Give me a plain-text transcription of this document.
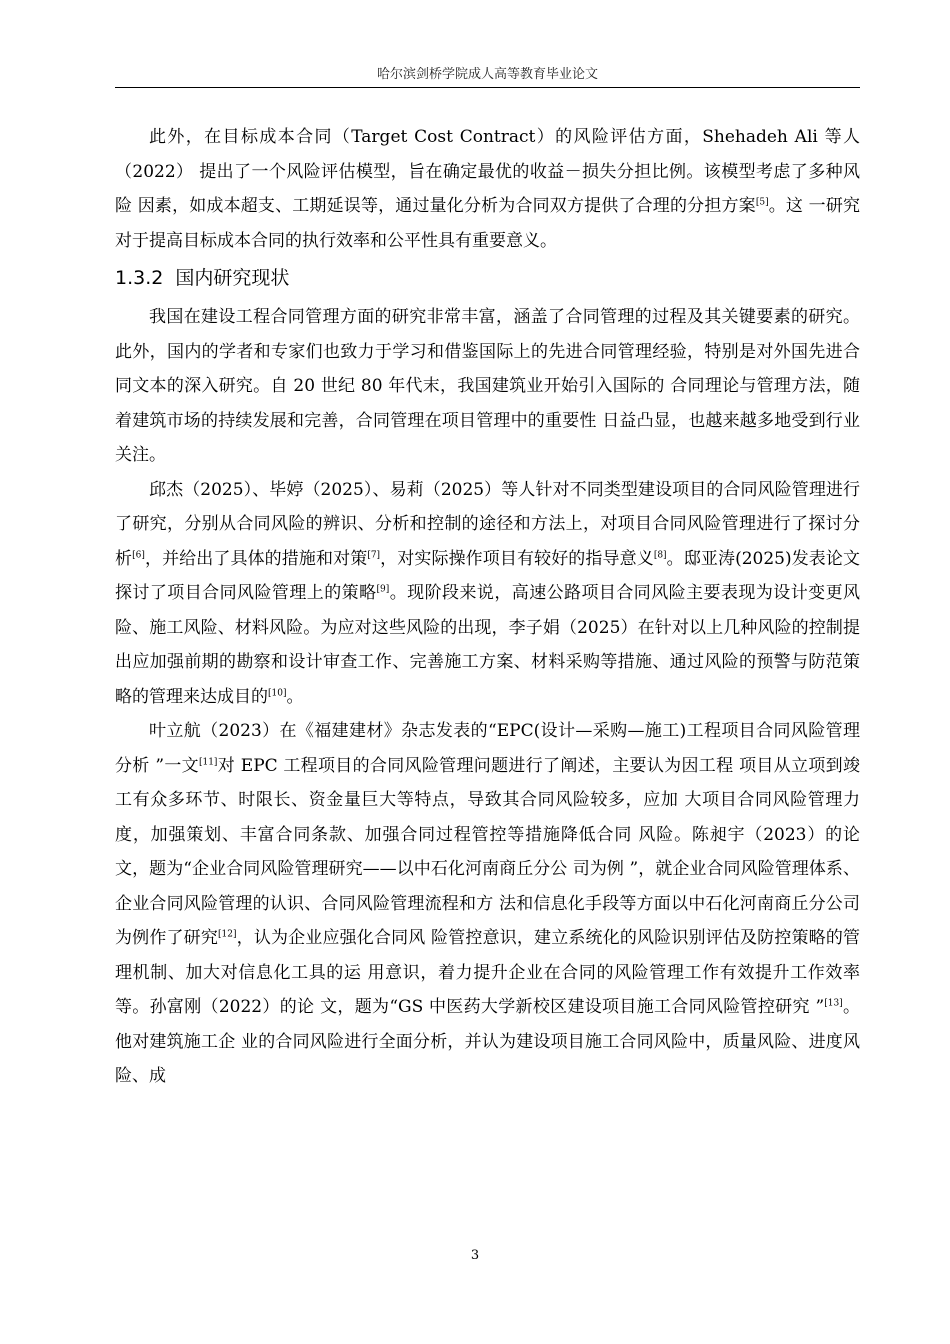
哈尔滨剑桥学院成人高等教育毕业论文

此外，在目标成本合同（Target Cost Contract）的风险评估方面，Shehadeh Ali 等人（2022） 提出了一个风险评估模型，旨在确定最优的收益－损失分担比例。该模型考虑了多种风险 因素，如成本超支、工期延误等，通过量化分析为合同双方提供了合理的分担方案[5]。这 一研究对于提高目标成本合同的执行效率和公平性具有重要意义。

1.3.2 国内研究现状

我国在建设工程合同管理方面的研究非常丰富，涵盖了合同管理的过程及其关键要素的研究。此外，国内的学者和专家们也致力于学习和借鉴国际上的先进合同管理经验，特别是对外国先进合同文本的深入研究。自 20 世纪 80 年代末，我国建筑业开始引入国际的 合同理论与管理方法，随着建筑市场的持续发展和完善，合同管理在项目管理中的重要性 日益凸显，也越来越多地受到行业关注。

邱杰（2025）、毕婷（2025）、易莉（2025）等人针对不同类型建设项目的合同风险管理进行了研究，分别从合同风险的辨识、分析和控制的途径和方法上，对项目合同风险管理进行了探讨分析[6]，并给出了具体的措施和对策[7]，对实际操作项目有较好的指导意义[8]。邸亚涛(2025)发表论文探讨了项目合同风险管理上的策略[9]。现阶段来说，高速公路项目合同风险主要表现为设计变更风险、施工风险、材料风险。为应对这些风险的出现，李子娟（2025）在针对以上几种风险的控制提出应加强前期的勘察和设计审查工作、完善施工方案、材料采购等措施、通过风险的预警与防范策略的管理来达成目的[10]。

叶立航（2023）在《福建建材》杂志发表的“EPC(设计—采购—施工)工程项目合同风险管理分析 ”一文[11]对 EPC 工程项目的合同风险管理问题进行了阐述，主要认为因工程 项目从立项到竣工有众多环节、时限长、资金量巨大等特点，导致其合同风险较多，应加 大项目合同风险管理力度，加强策划、丰富合同条款、加强合同过程管控等措施降低合同 风险。陈昶宇（2023）的论文，题为“企业合同风险管理研究——以中石化河南商丘分公 司为例 ”，就企业合同风险管理体系、企业合同风险管理的认识、合同风险管理流程和方 法和信息化手段等方面以中石化河南商丘分公司为例作了研究[12]，认为企业应强化合同风 险管控意识，建立系统化的风险识别评估及防控策略的管理机制、加大对信息化工具的运 用意识，着力提升企业在合同的风险管理工作有效提升工作效率等。孙富刚（2022）的论 文，题为“GS 中医药大学新校区建设项目施工合同风险管控研究 ”[13]。他对建筑施工企 业的合同风险进行全面分析，并认为建设项目施工合同风险中，质量风险、进度风险、成

3
